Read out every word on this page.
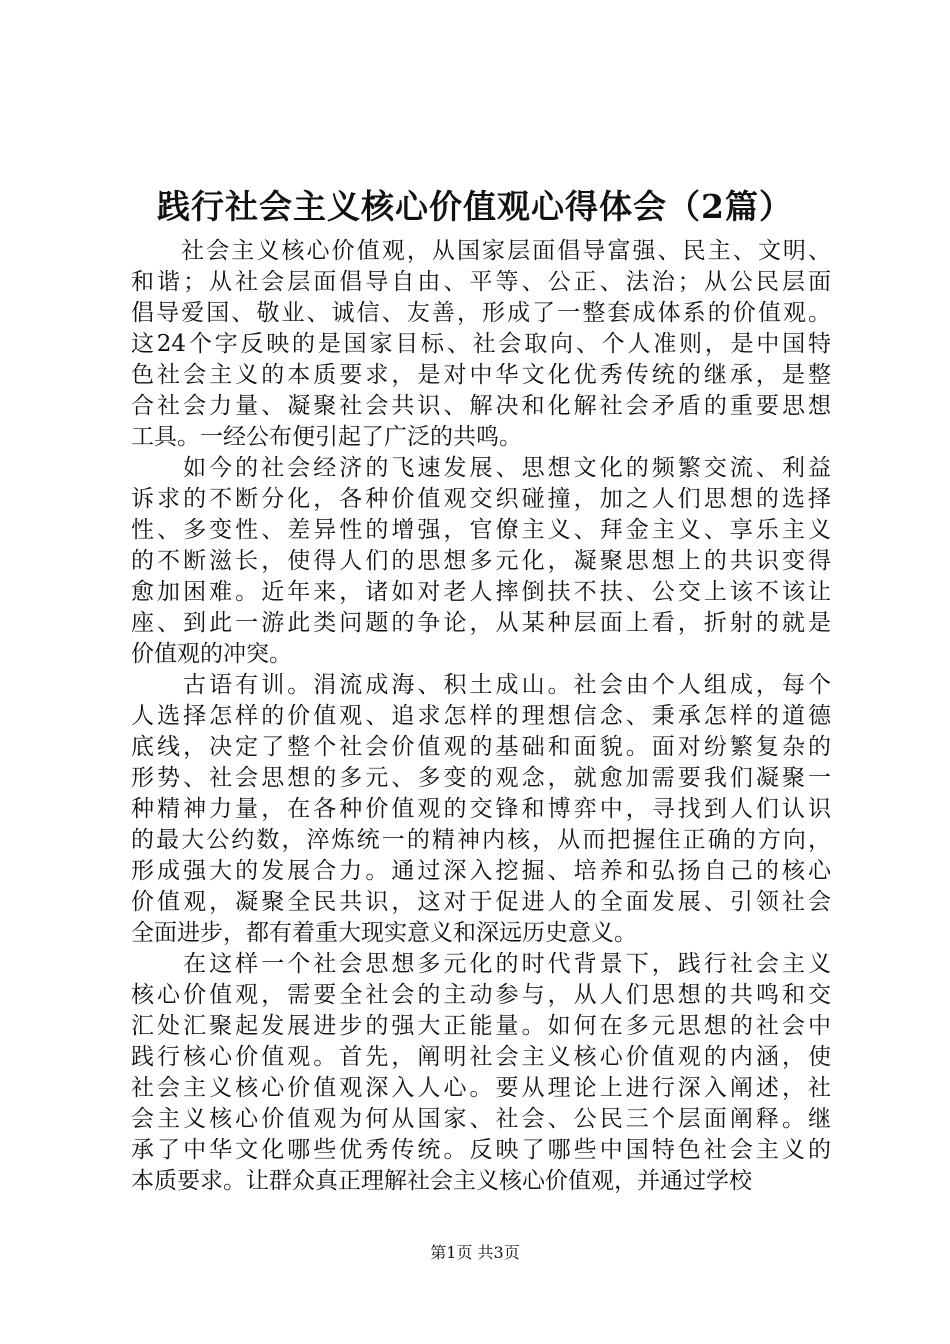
践行社会主义核心价值观心得体会（2篇）
　　社会主义核心价值观，从国家层面倡导富强、民主、文明、
和谐；从社会层面倡导自由、平等、公正、法治；从公民层面
倡导爱国、敬业、诚信、友善，形成了一整套成体系的价值观。
这24个字反映的是国家目标、社会取向、个人准则，是中国特
色社会主义的本质要求，是对中华文化优秀传统的继承，是整
合社会力量、凝聚社会共识、解决和化解社会矛盾的重要思想
工具。一经公布便引起了广泛的共鸣。
　　如今的社会经济的飞速发展、思想文化的频繁交流、利益
诉求的不断分化，各种价值观交织碰撞，加之人们思想的选择
性、多变性、差异性的增强，官僚主义、拜金主义、享乐主义
的不断滋长，使得人们的思想多元化，凝聚思想上的共识变得
愈加困难。近年来，诸如对老人摔倒扶不扶、公交上该不该让
座、到此一游此类问题的争论，从某种层面上看，折射的就是
价值观的冲突。
　　古语有训。涓流成海、积土成山。社会由个人组成，每个
人选择怎样的价值观、追求怎样的理想信念、秉承怎样的道德
底线，决定了整个社会价值观的基础和面貌。面对纷繁复杂的
形势、社会思想的多元、多变的观念，就愈加需要我们凝聚一
种精神力量，在各种价值观的交锋和博弈中，寻找到人们认识
的最大公约数，淬炼统一的精神内核，从而把握住正确的方向，
形成强大的发展合力。通过深入挖掘、培养和弘扬自己的核心
价值观，凝聚全民共识，这对于促进人的全面发展、引领社会
全面进步，都有着重大现实意义和深远历史意义。
　　在这样一个社会思想多元化的时代背景下，践行社会主义
核心价值观，需要全社会的主动参与，从人们思想的共鸣和交
汇处汇聚起发展进步的强大正能量。如何在多元思想的社会中
践行核心价值观。首先，阐明社会主义核心价值观的内涵，使
社会主义核心价值观深入人心。要从理论上进行深入阐述，社
会主义核心价值观为何从国家、社会、公民三个层面阐释。继
承了中华文化哪些优秀传统。反映了哪些中国特色社会主义的
本质要求。让群众真正理解社会主义核心价值观，并通过学校
第1页 共3页
